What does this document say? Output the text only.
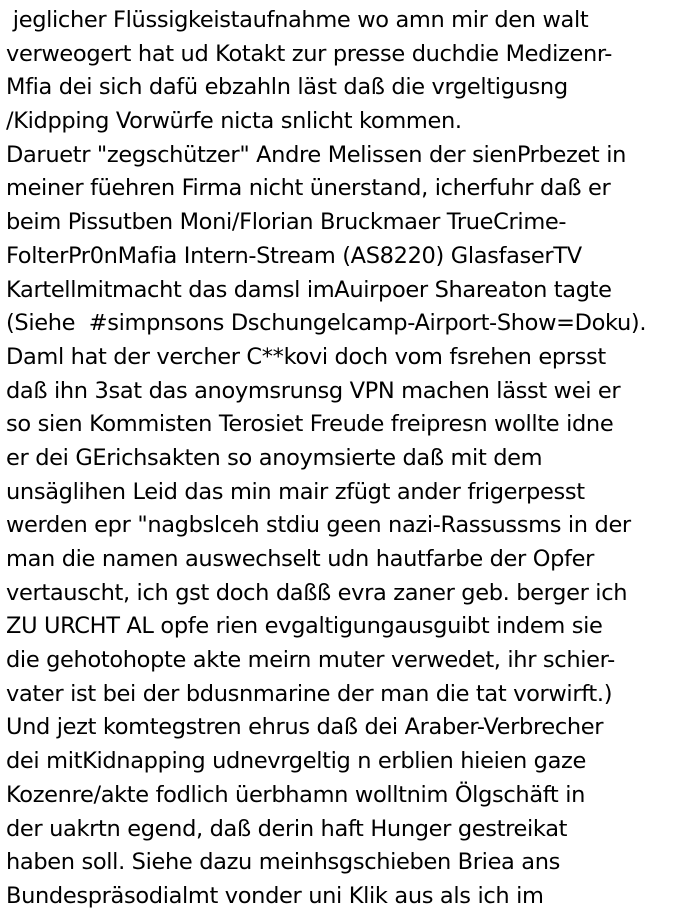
jeglicher Flüssigkeistaufnahme wo amn mir den walt
verweogert hat ud Kotakt zur presse duchdie Medizenr-
Mfia dei sich dafü ebzahln läst daß die vrgeltigusng
/Kidpping Vorwürfe nicta snlicht kommen.
Daruetr "zegschützer" Andre Melissen der sienPrbezet in
meiner füehren Firma nicht ünerstand, icherfuhr daß er
beim Pissutben Moni/Florian Bruckmaer TrueCrime-
FolterPr0nMafia Intern-Stream (AS8220) GlasfaserTV
Kartellmitmacht das damsl imAuirpoer Shareaton tagte
(Siehe  #simpnsons Dschungelcamp-Airport-Show=Doku).
Daml hat der vercher C**kovi doch vom fsrehen eprsst
daß ihn 3sat das anoymsrunsg VPN machen lässt wei er
so sien Kommisten Terosiet Freude freipresn wollte idne
er dei GErichsakten so anoymsierte daß mit dem
unsäglihen Leid das min mair zfügt ander frigerpesst
werden epr "nagbslceh stdiu geen nazi-Rassussms in der
man die namen auswechselt udn hautfarbe der Opfer
vertauscht, ich gst doch daßß evra zaner geb. berger ich
ZU URCHT AL opfe rien evgaltigungausguibt indem sie
die gehotohopte akte meirn muter verwedet, ihr schier-
vater ist bei der bdusnmarine der man die tat vorwirft.)
Und jezt komtegstren ehrus daß dei Araber-Verbrecher
dei mitKidnapping udnevrgeltig n erblien hieien gaze
Kozenre/akte fodlich üerbhamn wolltnim Ölgschäft in
der uakrtn egend, daß derin haft Hunger gestreikat
haben soll. Siehe dazu meinhsgschieben Briea ans
Bundespräsodialmt vonder uni Klik aus als ich im
